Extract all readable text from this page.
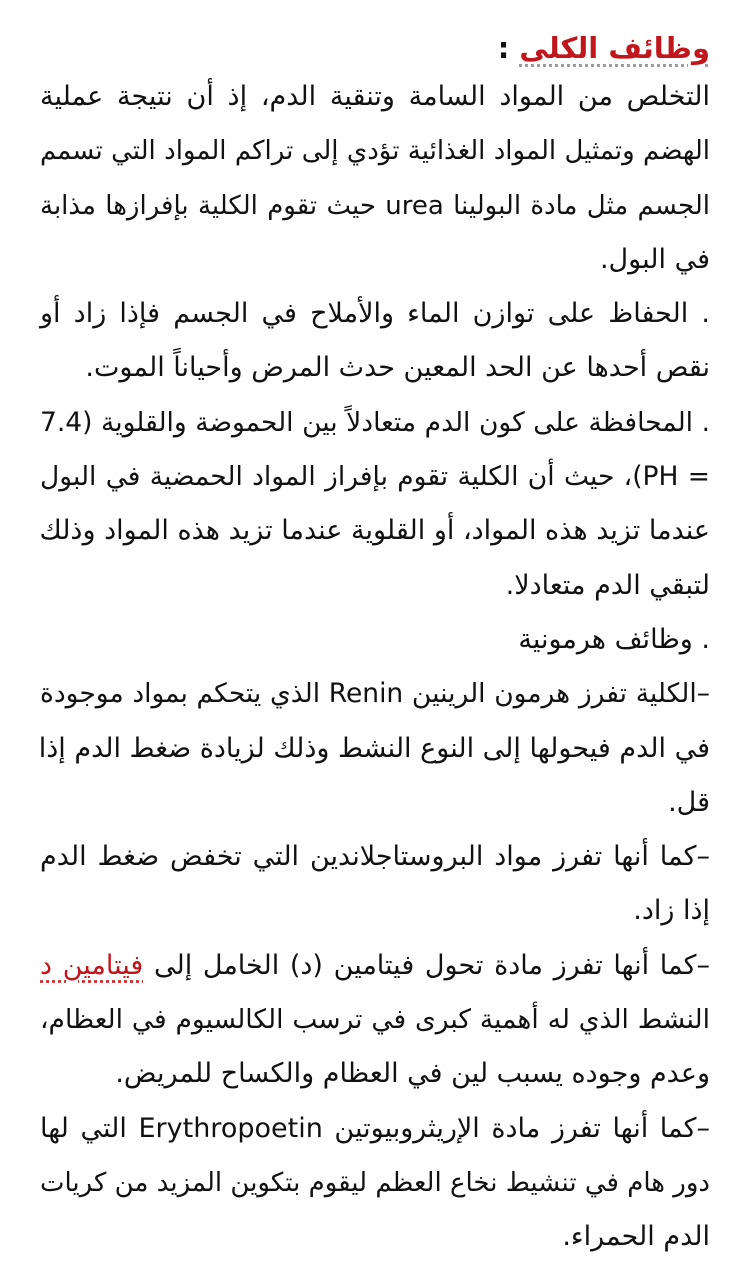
وظائف الكلى:
التخلص من المواد السامة وتنقية الدم، إذ أن نتيجة عملية
الهضم وتمثيل المواد الغذائية تؤدي إلى تراكم المواد التي تسمم
الجسم مثل مادة البولينا urea حيث تقوم الكلية بإفرازها مذابة
في البول.
. الحفاظ على توازن الماء والأملاح في الجسم فإذا زاد أو
نقص أحدها عن الحد المعين حدث المرض وأحياناً الموت.
. المحافظة على كون الدم متعادلاً بين الحموضة والقلوية (7.4
= PH)، حيث أن الكلية تقوم بإفراز المواد الحمضية في البول
عندما تزيد هذه المواد، أو القلوية عندما تزيد هذه المواد وذلك
لتبقي الدم متعادلا.
. وظائف هرمونية
–الكلية تفرز هرمون الرينين Renin الذي يتحكم بمواد موجودة
في الدم فيحولها إلى النوع النشط وذلك لزيادة ضغط الدم إذا
قل.
–كما أنها تفرز مواد البروستاجلاندين التي تخفض ضغط الدم
إذا زاد.
–كما أنها تفرز مادة تحول فيتامين (د) الخامل إلى فيتامين د
النشط الذي له أهمية كبرى في ترسب الكالسيوم في العظام،
وعدم وجوده يسبب لين في العظام والكساح للمريض.
–كما أنها تفرز مادة الإريثروبيوتين Erythropoetin التي لها
دور هام في تنشيط نخاع العظم ليقوم بتكوين المزيد من كريات
الدم الحمراء.
